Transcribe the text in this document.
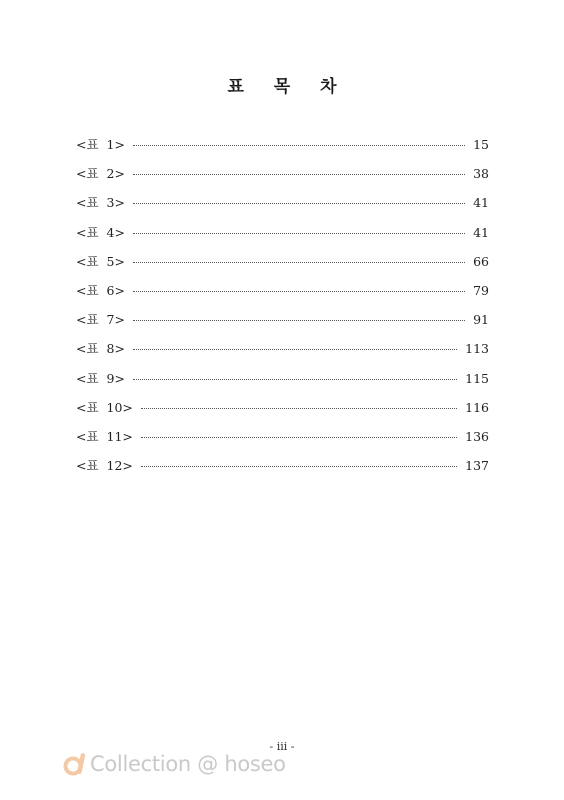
표 목 차
<표  1>	15
<표  2>	38
<표  3>	41
<표  4>	41
<표  5>	66
<표  6>	79
<표  7>	91
<표  8>	113
<표  9>	115
<표  10>	116
<표  11>	136
<표  12>	137
- iii -
Collection @ hoseo
